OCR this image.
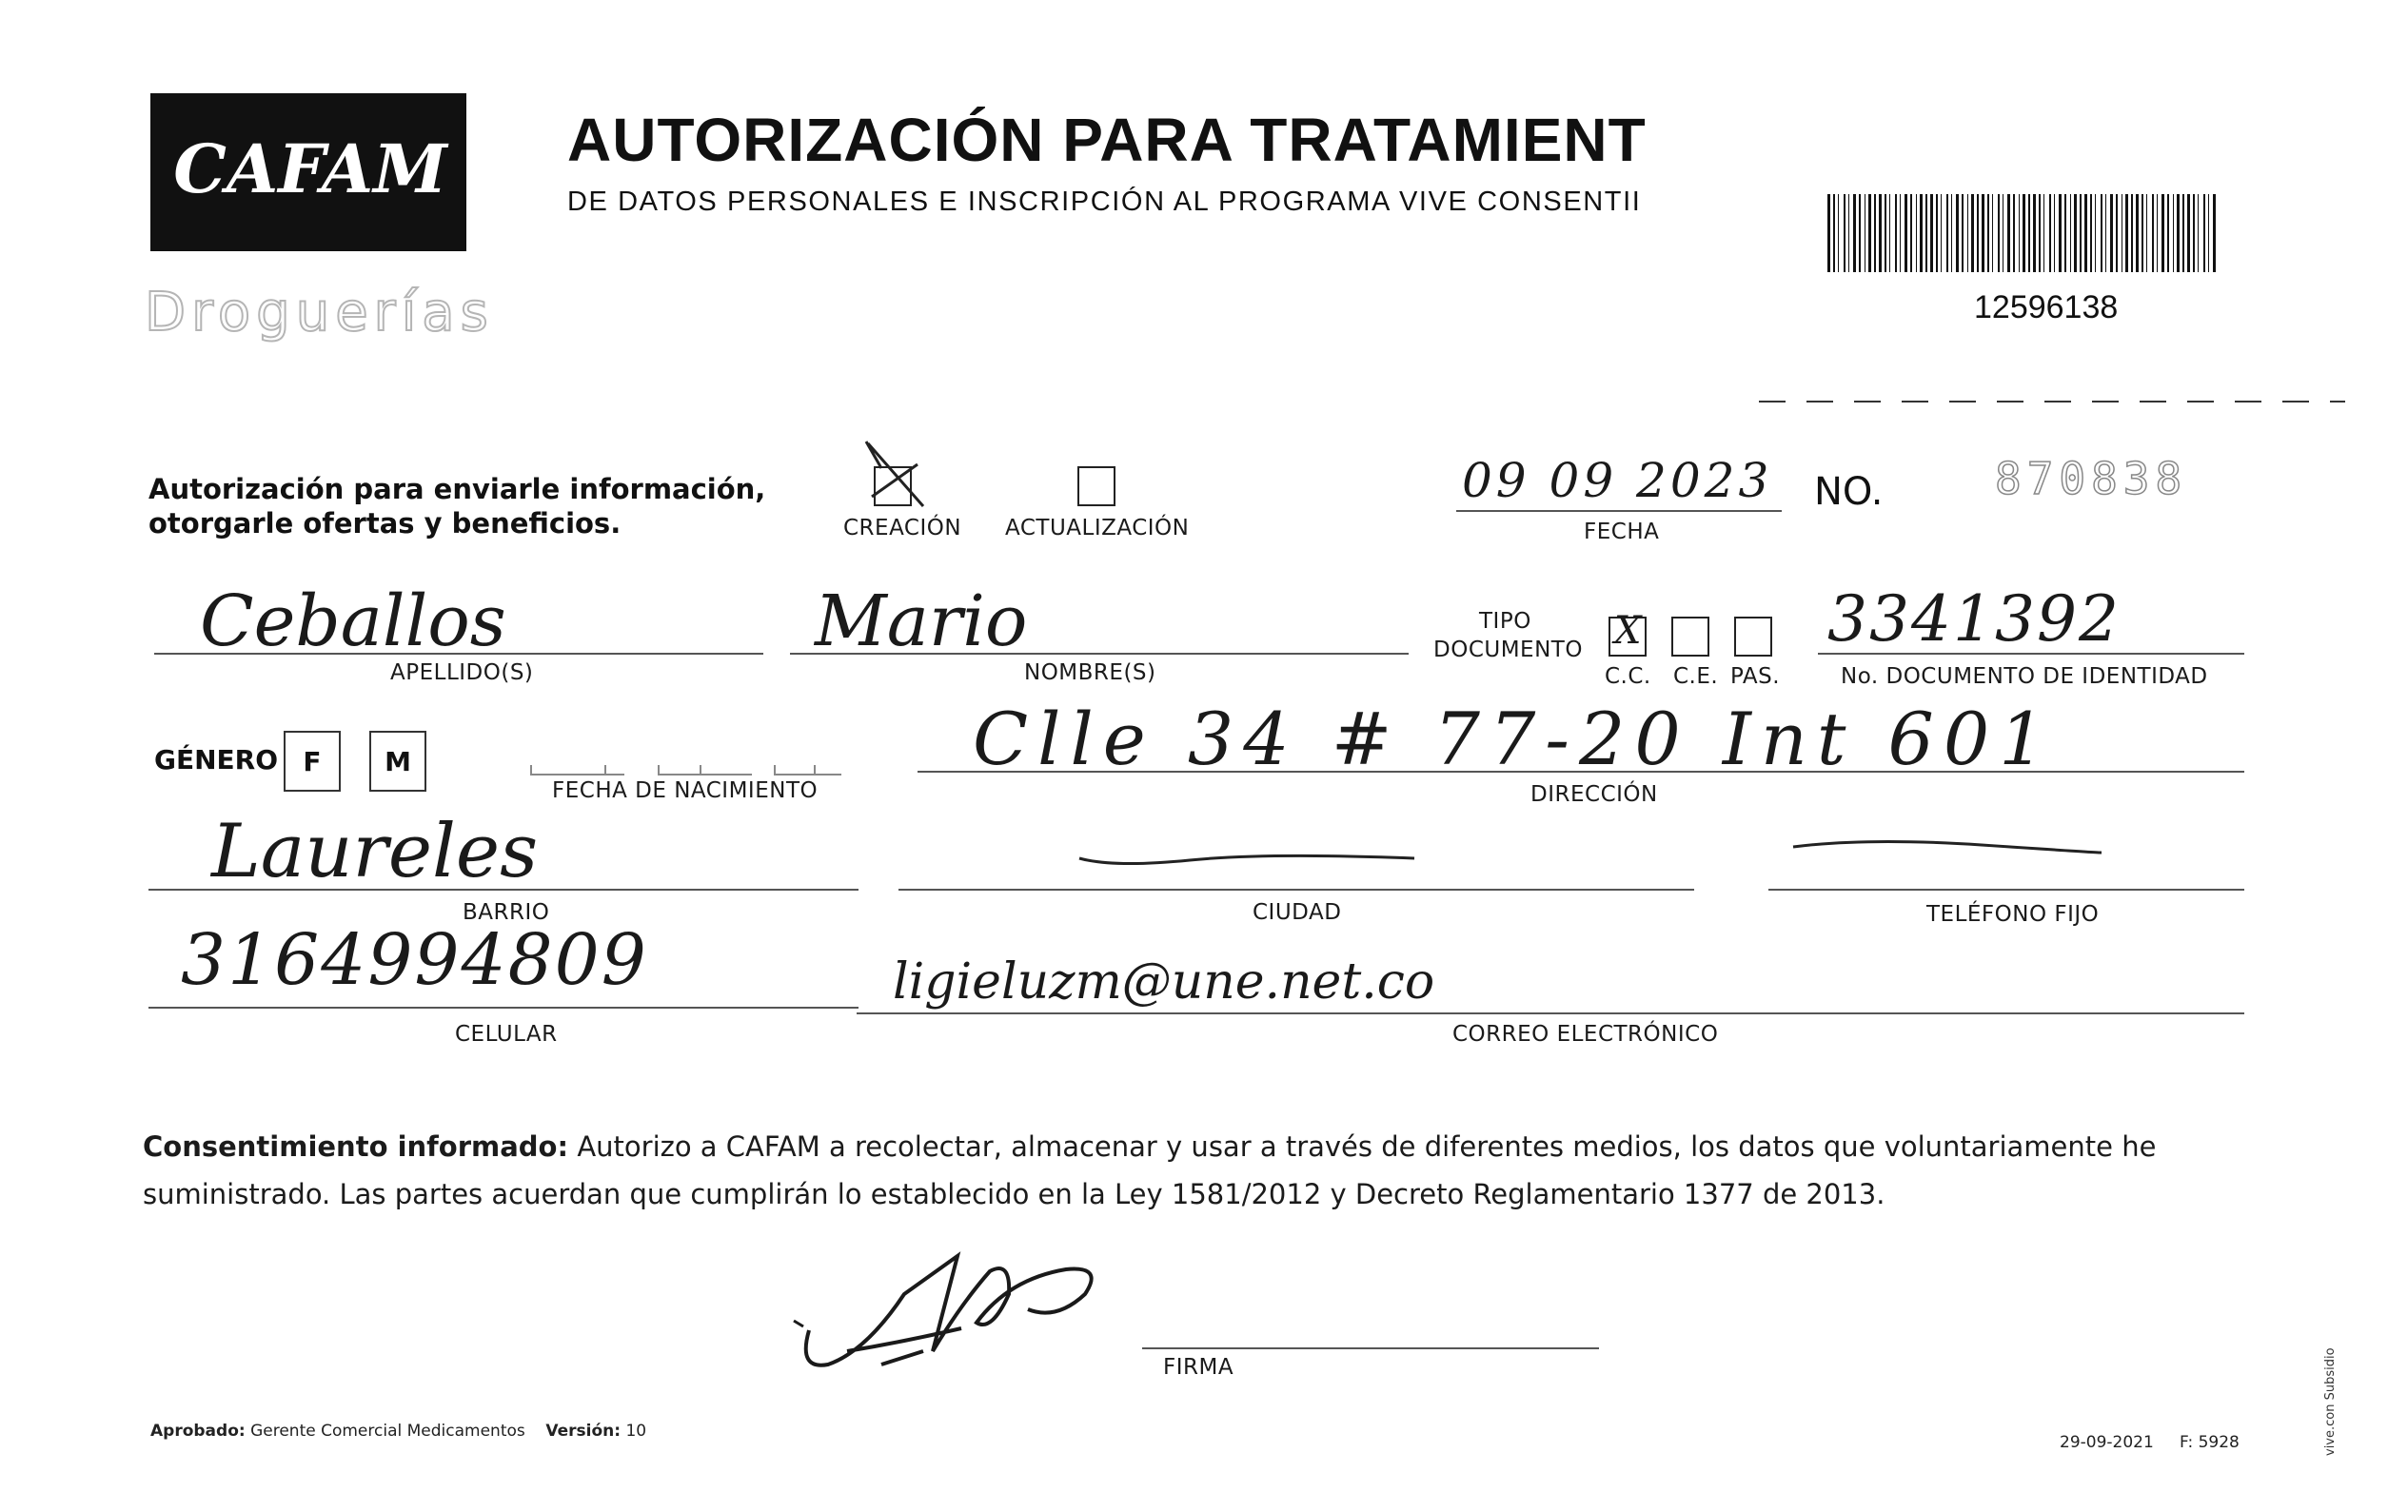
CAFAM
Droguerías
AUTORIZACIÓN PARA TRATAMIENT
DE DATOS PERSONALES E INSCRIPCIÓN AL PROGRAMA VIVE CONSENTII
12596138
Autorización para enviarle información,
otorgarle ofertas y beneficios.	CREACIÓN ACTUALIZACIÓN
09 09 2023
FECHA
NO.	870838
Ceballos
APELLIDO(S)
Mario
NOMBRE(S)
TIPO
DOCUMENTO X
C.C. C.E. PAS.
3341392
No. DOCUMENTO DE IDENTIDAD
GÉNERO F	M
FECHA DE NACIMIENTO
Clle 34 # 77-20 Int 601
DIRECCIÓN
Laureles
BARRIO	CIUDAD	TELÉFONO FIJO
3164994809
CELULAR
ligieluzm@une.net.co
CORREO ELECTRÓNICO
Consentimiento informado: Autorizo a CAFAM a recolectar, almacenar y usar a través de diferentes medios, los datos que voluntariamente he suministrado. Las partes acuerdan que cumplirán lo establecido en la Ley 1581/2012 y Decreto Reglamentario 1377 de 2013.
FIRMA
Aprobado: Gerente Comercial Medicamentos Versión: 10
29-09-2021 F: 5928	vive.con Subsidio
